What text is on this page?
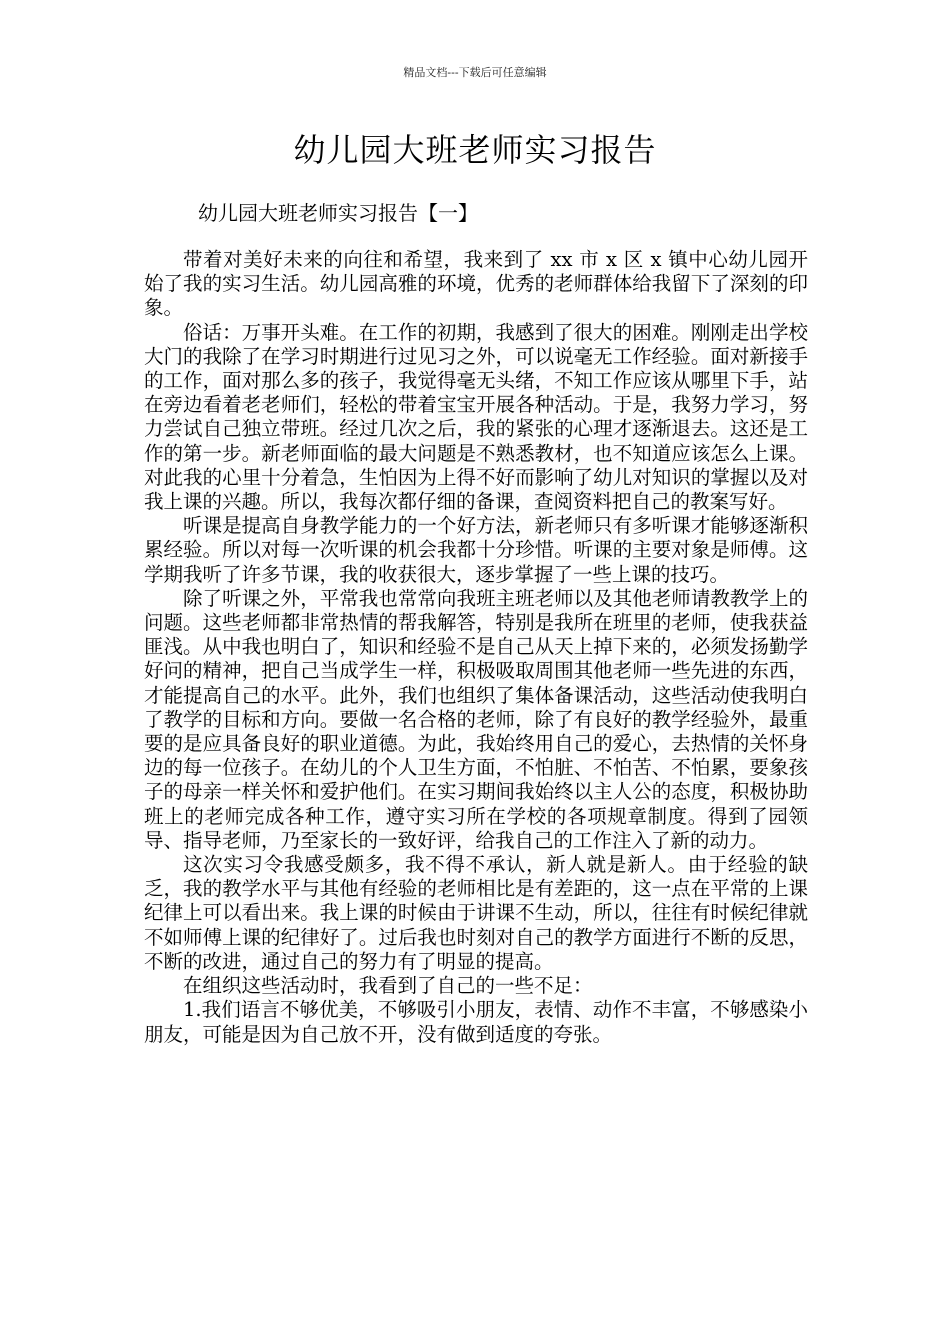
精品文档---下载后可任意编辑
幼儿园大班老师实习报告
幼儿园大班老师实习报告【一】

带着对美好未来的向往和希望，我来到了 xx 市 x 区 x 镇中心幼儿园开始了我的实习生活。幼儿园高雅的环境，优秀的老师群体给我留下了深刻的印象。

俗话：万事开头难。在工作的初期，我感到了很大的困难。刚刚走出学校大门的我除了在学习时期进行过见习之外，可以说毫无工作经验。面对新接手的工作，面对那么多的孩子，我觉得毫无头绪，不知工作应该从哪里下手，站在旁边看着老老师们，轻松的带着宝宝开展各种活动。于是，我努力学习，努力尝试自己独立带班。经过几次之后，我的紧张的心理才逐渐退去。这还是工作的第一步。新老师面临的最大问题是不熟悉教材，也不知道应该怎么上课。对此我的心里十分着急，生怕因为上得不好而影响了幼儿对知识的掌握以及对我上课的兴趣。所以，我每次都仔细的备课，查阅资料把自己的教案写好。

听课是提高自身教学能力的一个好方法，新老师只有多听课才能够逐渐积累经验。所以对每一次听课的机会我都十分珍惜。听课的主要对象是师傅。这学期我听了许多节课，我的收获很大，逐步掌握了一些上课的技巧。

除了听课之外，平常我也常常向我班主班老师以及其他老师请教教学上的问题。这些老师都非常热情的帮我解答，特别是我所在班里的老师，使我获益匪浅。从中我也明白了，知识和经验不是自己从天上掉下来的，必须发扬勤学好问的精神，把自己当成学生一样，积极吸取周围其他老师一些先进的东西，才能提高自己的水平。此外，我们也组织了集体备课活动，这些活动使我明白了教学的目标和方向。要做一名合格的老师，除了有良好的教学经验外，最重要的是应具备良好的职业道德。为此，我始终用自己的爱心，去热情的关怀身边的每一位孩子。在幼儿的个人卫生方面，不怕脏、不怕苦、不怕累，要象孩子的母亲一样关怀和爱护他们。在实习期间我始终以主人公的态度，积极协助班上的老师完成各种工作，遵守实习所在学校的各项规章制度。得到了园领导、指导老师，乃至家长的一致好评，给我自己的工作注入了新的动力。

这次实习令我感受颇多，我不得不承认，新人就是新人。由于经验的缺乏，我的教学水平与其他有经验的老师相比是有差距的，这一点在平常的上课纪律上可以看出来。我上课的时候由于讲课不生动，所以，往往有时候纪律就不如师傅上课的纪律好了。过后我也时刻对自己的教学方面进行不断的反思，不断的改进，通过自己的努力有了明显的提高。

在组织这些活动时，我看到了自己的一些不足：

1.我们语言不够优美，不够吸引小朋友，表情、动作不丰富，不够感染小朋友，可能是因为自己放不开，没有做到适度的夸张。
